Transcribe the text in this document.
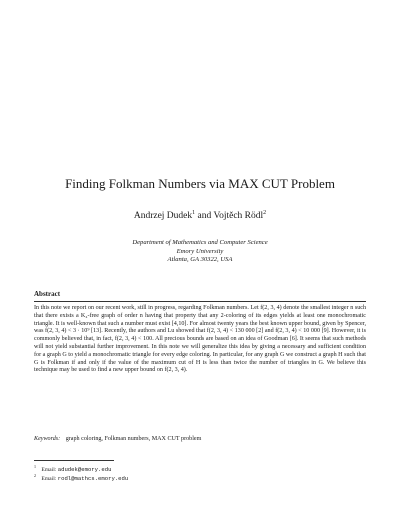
Finding Folkman Numbers via MAX CUT Problem
Andrzej Dudek$^1$ and Vojtěch Rödl$^2$
Department of Mathematics and Computer Science
Emory University
Atlanta, GA 30322, USA
Abstract
In this note we report on our recent work, still in progress, regarding Folkman numbers. Let f(2, 3, 4) denote the smallest integer n such that there exists a K₄-free graph of order n having that property that any 2-coloring of its edges yields at least one monochromatic triangle. It is well-known that such a number must exist [4,10]. For almost twenty years the best known upper bound, given by Spencer, was f(2, 3, 4) < 3 · 10⁹ [13]. Recently, the authors and Lu showed that f(2, 3, 4) < 130 000 [2] and f(2, 3, 4) < 10 000 [9]. However, it is commonly believed that, in fact, f(2, 3, 4) < 100. All precious bounds are based on an idea of Goodman [6]. It seems that such methods will not yield substantial further improvement. In this note we will generalize this idea by giving a necessary and sufficient condition for a graph G to yield a monochromatic triangle for every edge coloring. In particular, for any graph G we construct a graph H such that G is Folkman if and only if the value of the maximum cut of H is less than twice the number of triangles in G. We believe this technique may be used to find a new upper bound on f(2, 3, 4).
Keywords: graph coloring, Folkman numbers, MAX CUT problem
$^1$ Email: adudek@emory.edu
$^2$ Email: rodl@mathcs.emory.edu
